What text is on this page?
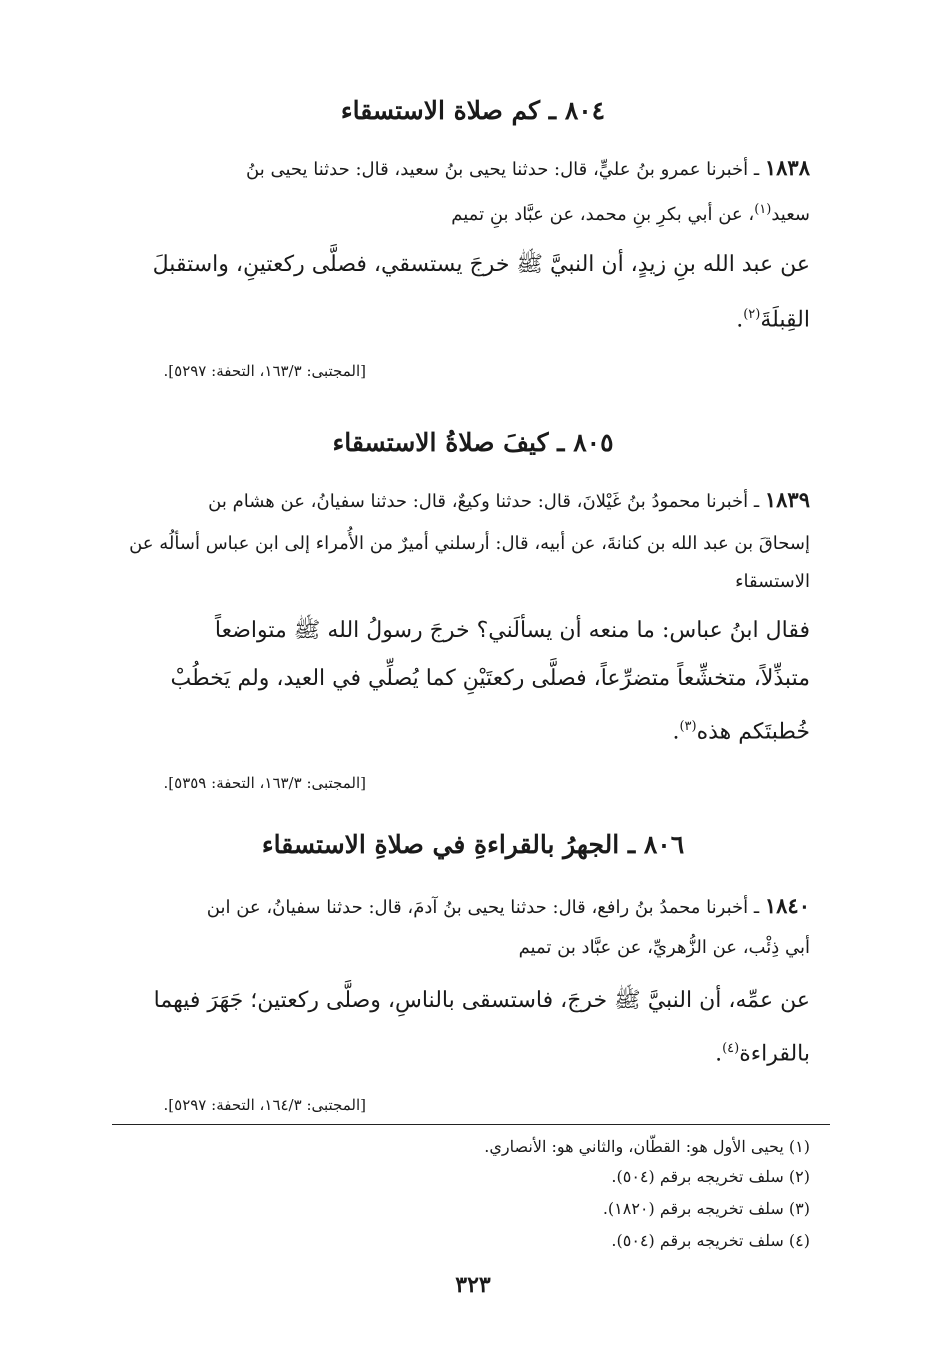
٨٠٤ ـ كم صلاة الاستسقاء
١٨٣٨ ـ أخبرنا عمرو بنُ عليٍّ، قال: حدثنا يحيى بنُ سعيد، قال: حدثنا يحيى بنُ
سعيد$^{(١)}$، عن أبي بكرِ بنِ محمد، عن عبَّاد بنِ تميم
عن عبد الله بنِ زيدٍ، أن النبيَّ ﷺ خرجَ يستسقي، فصلَّى ركعتينِ، واستقبلَ
القِبلَةَ$^{(٢)}$.
[المجتبى: ١٦٣/٣، التحفة: ٥٢٩٧].
٨٠٥ ـ كيفَ صلاةُ الاستسقاء
١٨٣٩ ـ أخبرنا محمودُ بنُ غَيْلانَ، قال: حدثنا وكيعٌ، قال: حدثنا سفيانُ، عن هشام بن
إسحاقَ بن عبد الله بن كنانةَ، عن أبيه، قال: أرسلني أميرٌ من الأُمراء إلى ابن عباس أسألُه عن
الاستسقاء
فقال ابنُ عباس: ما منعه أن يسألَني؟ خرجَ رسولُ الله ﷺ متواضعاً
متبذِّلاً، متخشِّعاً متضرِّعاً، فصلَّى ركعتَيْنِ كما يُصلِّي في العيد، ولم يَخطُبْ
خُطبتَكم هذه$^{(٣)}$.
[المجتبى: ١٦٣/٣، التحفة: ٥٣٥٩].
٨٠٦ ـ الجهرُ بالقراءةِ في صلاةِ الاستسقاء
١٨٤٠ ـ أخبرنا محمدُ بنُ رافع، قال: حدثنا يحيى بنُ آدمَ، قال: حدثنا سفيانُ، عن ابن
أبي ذِئْب، عن الزُّهريِّ، عن عبَّاد بن تميم
عن عمِّه، أن النبيَّ ﷺ خرجَ، فاستسقى بالناسِ، وصلَّى ركعتين؛ جَهَرَ فيهما
بالقراءة$^{(٤)}$.
[المجتبى: ١٦٤/٣، التحفة: ٥٢٩٧].
(١) يحيى الأول هو: القطّان، والثاني هو: الأنصاري.
(٢) سلف تخريجه برقم (٥٠٤).
(٣) سلف تخريجه برقم (١٨٢٠).
(٤) سلف تخريجه برقم (٥٠٤).
٣٢٣
